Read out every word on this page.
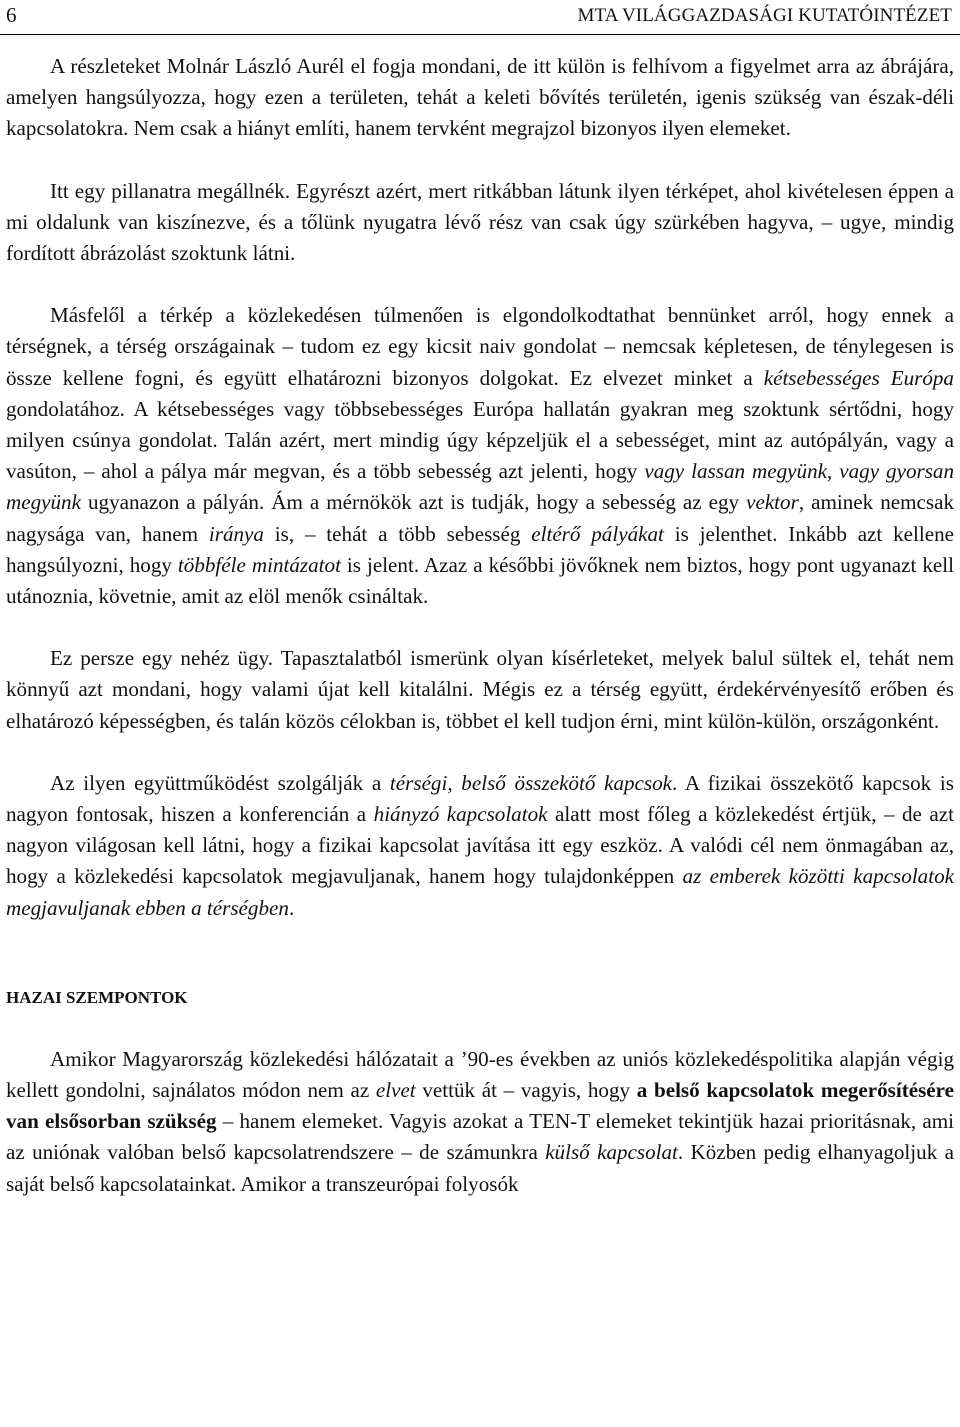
6	MTA VILÁGGAZDASÁGI KUTATÓINTÉZET

A részleteket Molnár László Aurél el fogja mondani, de itt külön is felhívom a figyelmet arra az ábrájára, amelyen hangsúlyozza, hogy ezen a területen, tehát a keleti bővítés területén, igenis szükség van észak-déli kapcsolatokra. Nem csak a hiányt említi, hanem tervként megrajzol bizonyos ilyen elemeket.

Itt egy pillanatra megállnék. Egyrészt azért, mert ritkábban látunk ilyen térképet, ahol kivételesen éppen a mi oldalunk van kiszínezve, és a tőlünk nyugatra lévő rész van csak úgy szürkében hagyva, – ugye, mindig fordított ábrázolást szoktunk látni.

Másfelől a térkép a közlekedésen túlmenően is elgondolkodtathat bennünket arról, hogy ennek a térségnek, a térség országainak – tudom ez egy kicsit naiv gondolat – nemcsak képletesen, de ténylegesen is össze kellene fogni, és együtt elhatározni bizonyos dolgokat. Ez elvezet minket a kétsebességes Európa gondolatához. A kétsebességes vagy többsebességes Európa hallatán gyakran meg szoktunk sértődni, hogy milyen csúnya gondolat. Talán azért, mert mindig úgy képzeljük el a sebességet, mint az autópályán, vagy a vasúton, – ahol a pálya már megvan, és a több sebesség azt jelenti, hogy vagy lassan megyünk, vagy gyorsan megyünk ugyanazon a pályán. Ám a mérnökök azt is tudják, hogy a sebesség az egy vektor, aminek nemcsak nagysága van, hanem iránya is, – tehát a több sebesség eltérő pályákat is jelenthet. Inkább azt kellene hangsúlyozni, hogy többféle mintázatot is jelent. Azaz a későbbi jövőknek nem biztos, hogy pont ugyanazt kell utánoznia, követnie, amit az elöl menők csináltak.

Ez persze egy nehéz ügy. Tapasztalatból ismerünk olyan kísérleteket, melyek balul sültek el, tehát nem könnyű azt mondani, hogy valami újat kell kitalálni. Mégis ez a térség együtt, érdekérvényesítő erőben és elhatározó képességben, és talán közös célokban is, többet el kell tudjon érni, mint külön-külön, országonként.

Az ilyen együttműködést szolgálják a térségi, belső összekötő kapcsok. A fizikai összekötő kapcsok is nagyon fontosak, hiszen a konferencián a hiányzó kapcsolatok alatt most főleg a közlekedést értjük, – de azt nagyon világosan kell látni, hogy a fizikai kapcsolat javítása itt egy eszköz. A valódi cél nem önmagában az, hogy a közlekedési kapcsolatok megjavuljanak, hanem hogy tulajdonképpen az emberek közötti kapcsolatok megjavuljanak ebben a térségben.

HAZAI SZEMPONTOK

Amikor Magyarország közlekedési hálózatait a ’90-es években az uniós közlekedéspolitika alapján végig kellett gondolni, sajnálatos módon nem az elvet vettük át – vagyis, hogy a belső kapcsolatok megerősítésére van elsősorban szükség – hanem elemeket. Vagyis azokat a TEN-T elemeket tekintjük hazai prioritásnak, ami az uniónak valóban belső kapcsolatrendszere – de számunkra külső kapcsolat. Közben pedig elhanyagoljuk a saját belső kapcsolatainkat. Amikor a transzeurópai folyosók
